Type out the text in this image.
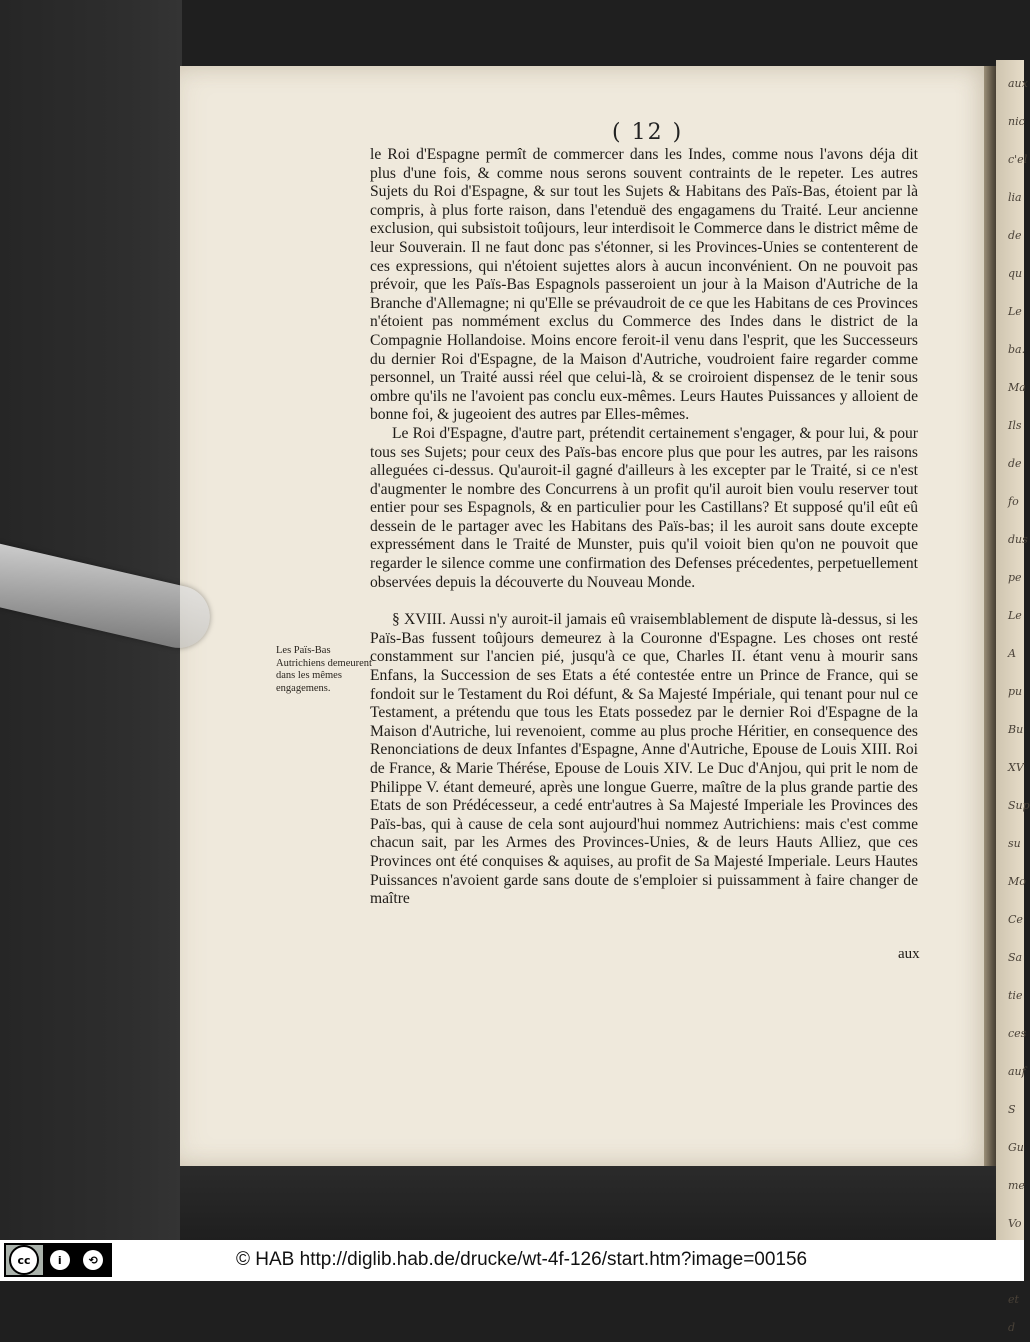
aux
nic
c'el
lia
de
qu
Le
ba.
Ma
Ils
de
fo
dus
pe
Le
A
pu
Bu
XV
Sup
su
Mo
Ce
Sa
tie
ces
auf
S
Gu
me
Vo
et d
( 12 )

le Roi d'Espagne permît de commercer dans les Indes, comme nous l'avons déja dit plus d'une fois, & comme nous serons souvent contraints de le repeter. Les autres Sujets du Roi d'Espagne, & sur tout les Sujets & Habitans des Païs-Bas, étoient par là compris, à plus forte raison, dans l'etenduë des engagamens du Traité. Leur ancienne exclusion, qui subsistoit toûjours, leur interdisoit le Commerce dans le district même de leur Souverain. Il ne faut donc pas s'étonner, si les Provinces-Unies se contenterent de ces expressions, qui n'étoient sujettes alors à aucun inconvénient. On ne pouvoit pas prévoir, que les Païs-Bas Espagnols passeroient un jour à la Maison d'Autriche de la Branche d'Allemagne; ni qu'Elle se prévaudroit de ce que les Habitans de ces Provinces n'étoient pas nommément exclus du Commerce des Indes dans le district de la Compagnie Hollandoise. Moins encore feroit-il venu dans l'esprit, que les Successeurs du dernier Roi d'Espagne, de la Maison d'Autriche, voudroient faire regarder comme personnel, un Traité aussi réel que celui-là, & se croiroient dispensez de le tenir sous ombre qu'ils ne l'avoient pas conclu eux-mêmes. Leurs Hautes Puissances y alloient de bonne foi, & jugeoient des autres par Elles-mêmes.

Le Roi d'Espagne, d'autre part, prétendit certainement s'engager, & pour lui, & pour tous ses Sujets; pour ceux des Païs-bas encore plus que pour les autres, par les raisons alleguées ci-dessus. Qu'auroit-il gagné d'ailleurs à les excepter par le Traité, si ce n'est d'augmenter le nombre des Concurrens à un profit qu'il auroit bien voulu reserver tout entier pour ses Espagnols, & en particulier pour les Castillans? Et supposé qu'il eût eû dessein de le partager avec les Habitans des Païs-bas; il les auroit sans doute excepte expressément dans le Traité de Munster, puis qu'il voioit bien qu'on ne pouvoit que regarder le silence comme une confirmation des Defenses précedentes, perpetuellement observées depuis la découverte du Nouveau Monde.

§ XVIII. Aussi n'y auroit-il jamais eû vraisemblablement de dispute là-dessus, si les Païs-Bas fussent toûjours demeurez à la Couronne d'Espagne. Les choses ont resté constamment sur l'ancien pié, jusqu'à ce que, Charles II. étant venu à mourir sans Enfans, la Succession de ses Etats a été contestée entre un Prince de France, qui se fondoit sur le Testament du Roi défunt, & Sa Majesté Impériale, qui tenant pour nul ce Testament, a prétendu que tous les Etats possedez par le dernier Roi d'Espagne de la Maison d'Autriche, lui revenoient, comme au plus proche Héritier, en consequence des Renonciations de deux Infantes d'Espagne, Anne d'Autriche, Epouse de Louis XIII. Roi de France, & Marie Thérése, Epouse de Louis XIV. Le Duc d'Anjou, qui prit le nom de Philippe V. étant demeuré, après une longue Guerre, maître de la plus grande partie des Etats de son Prédécesseur, a cedé entr'autres à Sa Majesté Imperiale les Provinces des Païs-bas, qui à cause de cela sont aujourd'hui nommez Autrichiens: mais c'est comme chacun sait, par les Armes des Provinces-Unies, & de leurs Hauts Alliez, que ces Provinces ont été conquises & aquises, au profit de Sa Majesté Imperiale. Leurs Hautes Puissances n'avoient garde sans doute de s'emploier si puissamment à faire changer de maître

Les Païs-Bas Autrichiens demeurent dans les mêmes engagemens.
aux
cc	i	⟲	© HAB http://diglib.hab.de/drucke/wt-4f-126/start.htm?image=00156
